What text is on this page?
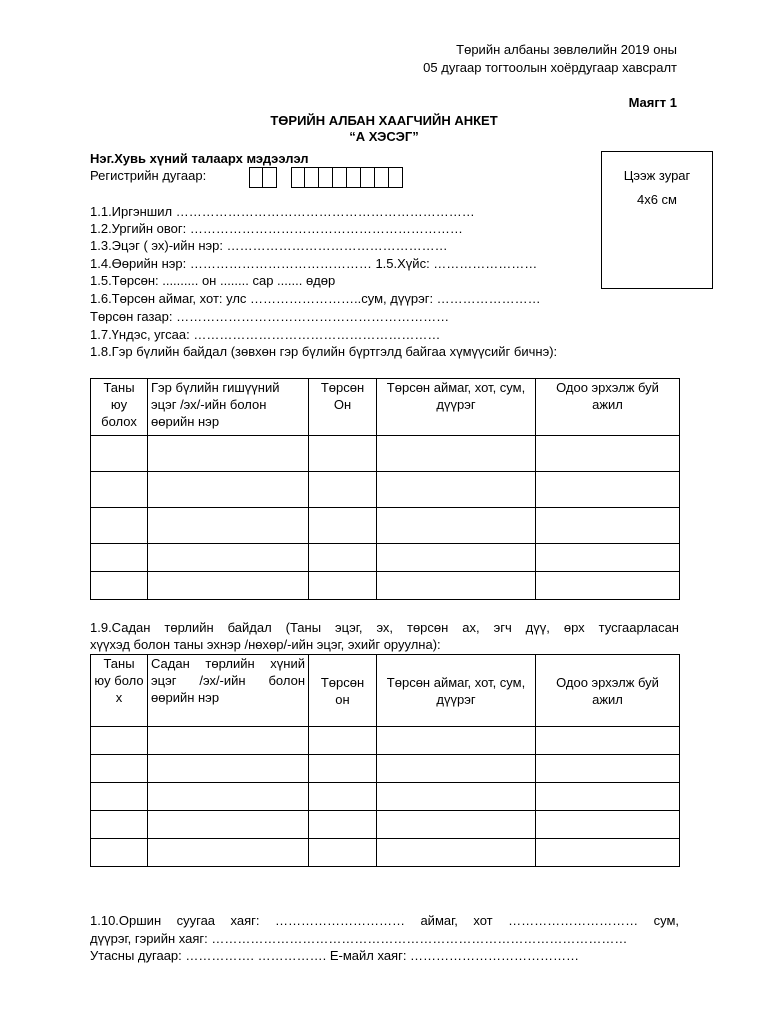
Төрийн албаны зөвлөлийн 2019 оны
05 дугаар тогтоолын хоёрдугаар хавсралт
Маягт 1
ТӨРИЙН АЛБАН ХААГЧИЙН АНКЕТ
“А ХЭСЭГ”
Нэг.Хувь хүний талаарх мэдээлэл
Регистрийн дугаар:	Цээж зураг
4x6 см
1.1.Иргэншил ……………………………………………………………
1.2.Ургийн овог: ………………………………………………………
1.3.Эцэг ( эх)-ийн нэр: ……………………………………………
1.4.Өөрийн нэр: …………………………………… 1.5.Хүйс: ……………………
1.5.Төрсөн: .......... он ........ сар ....... өдөр
1.6.Төрсөн аймаг, хот: улс ……………………..сум, дүүрэг: ……………………
Төрсөн газар: ………………………………………………………
1.7.Үндэс, угсаа: …………………………………………………
1.8.Гэр бүлийн байдал (зөвхөн гэр бүлийн бүртгэлд байгаа хүмүүсийг бичнэ):
Таны юу болох	Гэр бүлийн гишүүний эцэг /эх/-ийн болон өөрийн нэр	Төрсөн Он	Төрсөн аймаг, хот, сум, дүүрэг	Одоо эрхэлж буй ажил

1.9.Садан төрлийн байдал (Таны эцэг, эх, төрсөн ах, эгч дүү, өрх тусгаарласан
хүүхэд болон таны эхнэр /нөхөр/-ийн эцэг, эхийг оруулна):
Таны юу боло х	Садан төрлийн хүний эцэг /эх/-ийн болон өөрийн нэр	Төрсөн он	Төрсөн аймаг, хот, сум, дүүрэг	Одоо эрхэлж буй ажил

1.10.Оршин суугаа хаяг: ………………………… аймаг, хот ………………………… сум,
дүүрэг, гэрийн хаяг: ……………………………………………………………………………………
Утасны дугаар: ……………. ……………. Е-майл хаяг: …………………………………
